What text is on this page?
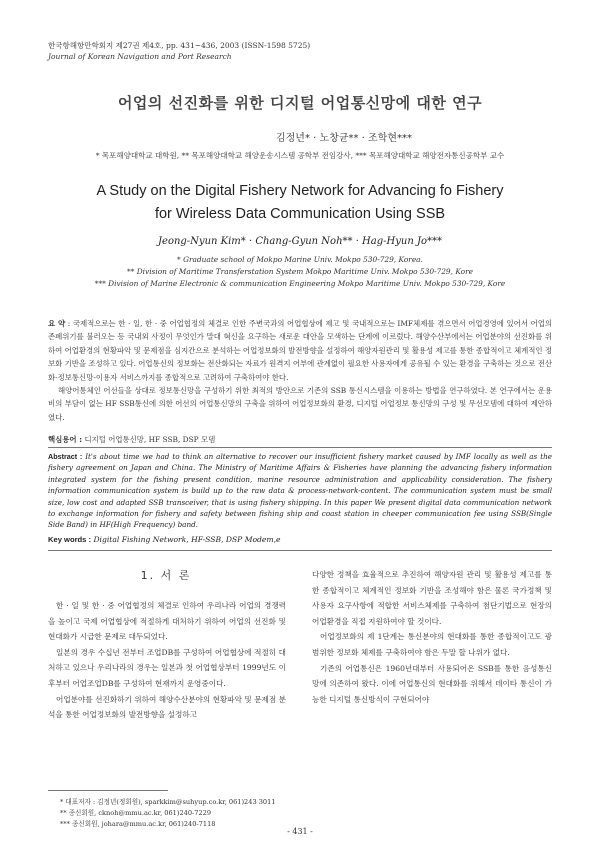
한국항해항만학회지 제27권 제4호, pp. 431~436, 2003 (ISSN-1598 5725)
Journal of Korean Navigation and Port Research
어업의 선진화를 위한 디지털 어업통신망에 대한 연구
김정년* · 노창균** · 조학현***
* 목포해양대학교 대학원, ** 목포해양대학교 해양운송시스템 공학부 전임강사, *** 목포해양대학교 해양전자통신공학부 교수
A Study on the Digital Fishery Network for Advancing fo Fishery
for Wireless Data Communication Using SSB
Jeong-Nyun Kim* · Chang-Gyun Noh** · Hag-Hyun Jo***
* Graduate school of Mokpo Marine Univ. Mokpo 530-729, Korea.
** Division of Maritime Transferstation System Mokpo Maritime Univ. Mokpo 530-729, Kore
*** Division of Marine Electronic & communication Engineering Mokpo Maritime Univ. Mokpo 530-729, Kore

요 약 : 국제적으로는 한 · 일, 한 · 중 어업협정의 체결로 인한 주변국과의 어업협상에 제고 및 국내적으로는 IMF체제를 겪으면서 어업경영에 있어서 어업의 존폐위기를 불러오는 등 국내외 사정이 무엇인가 말대 혁신을 요구하는 새로운 대안을 모색하는 단계에 이르렀다. 해양수산부에서는 어업분야의 선진화를 위하여 어업환경의 현황파악 및 문제점을 심지간으로 분석하는 어업정보화의 발전방향을 설정하여 해양자원관리 및 활용성 제고를 통한 종합적이고 체계적인 정보화 기반을 조성하고 있다. 어업통신의 정보화는 전산화되는 자료가 원격지 어부에 관계없이 필요한 사용자에게 공유될 수 있는 환경을 구축하는 것으로 전산화-정보통신망-이용자 서비스까지를 종합적으로 고려하여 구축하여야 한다.

해양어통체인 어선들을 상대로 정보통신망을 구성하기 위한 최적의 방안으로 기존의 SSB 통신시스템을 이용하는 방법을 연구하였다. 본 연구에서는 운용비의 부담이 없는 HF SSB통신에 의한 어선의 어업통신망의 구축을 위하여 어업정보화의 환경, 디지털 어업정보 통신망의 구성 및 무선모뎀에 대하여 제안하였다.

핵심용어 : 디지털 어업통신망, HF SSB, DSP 모뎀
Abstract : It's about time we had to think an alternative to recover our insufficient fishery market caused by IMF locally as well as the fishery agreement on Japan and China. The Ministry of Maritime Affairs & Fisheries have planning the advancing fishery information integrated system for the fishing present condition, marine resource administration and applicability consideration. The fishery information communication system is build up to the raw data & process-network-content. The communication system must be small size, low cost and adapted SSB transceiver, that is using fishery shipping. In this paper We present digital data communication network to exchange information for fishery and safety between fishing ship and coast station in cheeper communication fee using SSB(Single Side Band) in HF(High Frequency) band.
Key words : Digital Fishing Network, HF-SSB, DSP Modem,e
1. 서 론

한 · 일 및 한 · 중 어업협정의 체결로 인하여 우리나라 어업의 경쟁력을 높이고 국제 어업협상에 적절하게 대처하기 위하여 어업의 선진화 및 현대화가 시급한 문제로 대두되었다.

일본의 경우 수십년 전부터 조업DB를 구성하여 어업협상에 적절히 대처하고 있으나 우리나라의 경우는 일본과 첫 어업협상부터 1999년도 이후부터 어업조업DB를 구성하여 현재까지 운영중이다.

어업분야를 선진화하기 위하여 해양수산분야의 현황파악 및 문제점 분석을 통한 어업정보화의 발전방향을 설정하고

다양한 정책을 효율적으로 추진하여 해양자원 관리 및 활용성 제고를 통한 종합적이고 체계적인 정보화 기반을 조성해야 함은 물론 국가정책 및 사용자 요구사항에 적합한 서비스체제를 구축하여 첨단기법으로 현장의 어업환경을 직접 지원하여야 할 것이다.

어업정보화의 제 1단계는 통신분야의 현대화를 통한 종합적이고도 광범위한 정보화 체제를 구축하여야 함은 두말 할 나위가 없다.

기존의 어업통신은 1960년대부터 사용되어온 SSB를 통한 음성통신망에 의존하여 왔다. 이에 어업통신의 현대화를 위해서 데이타 통신이 가능한 디지털 통신방식이 구현되어야

* 대표저자 : 김정년(정회원), sparkkim@suhyup.co.kr, 061)243 3011
** 종신회원, cknoh@mmu.ac.kr, 061)240-7229
*** 종신회원, johara@mmu.ac.kr, 061)240-7118
- 431 -
